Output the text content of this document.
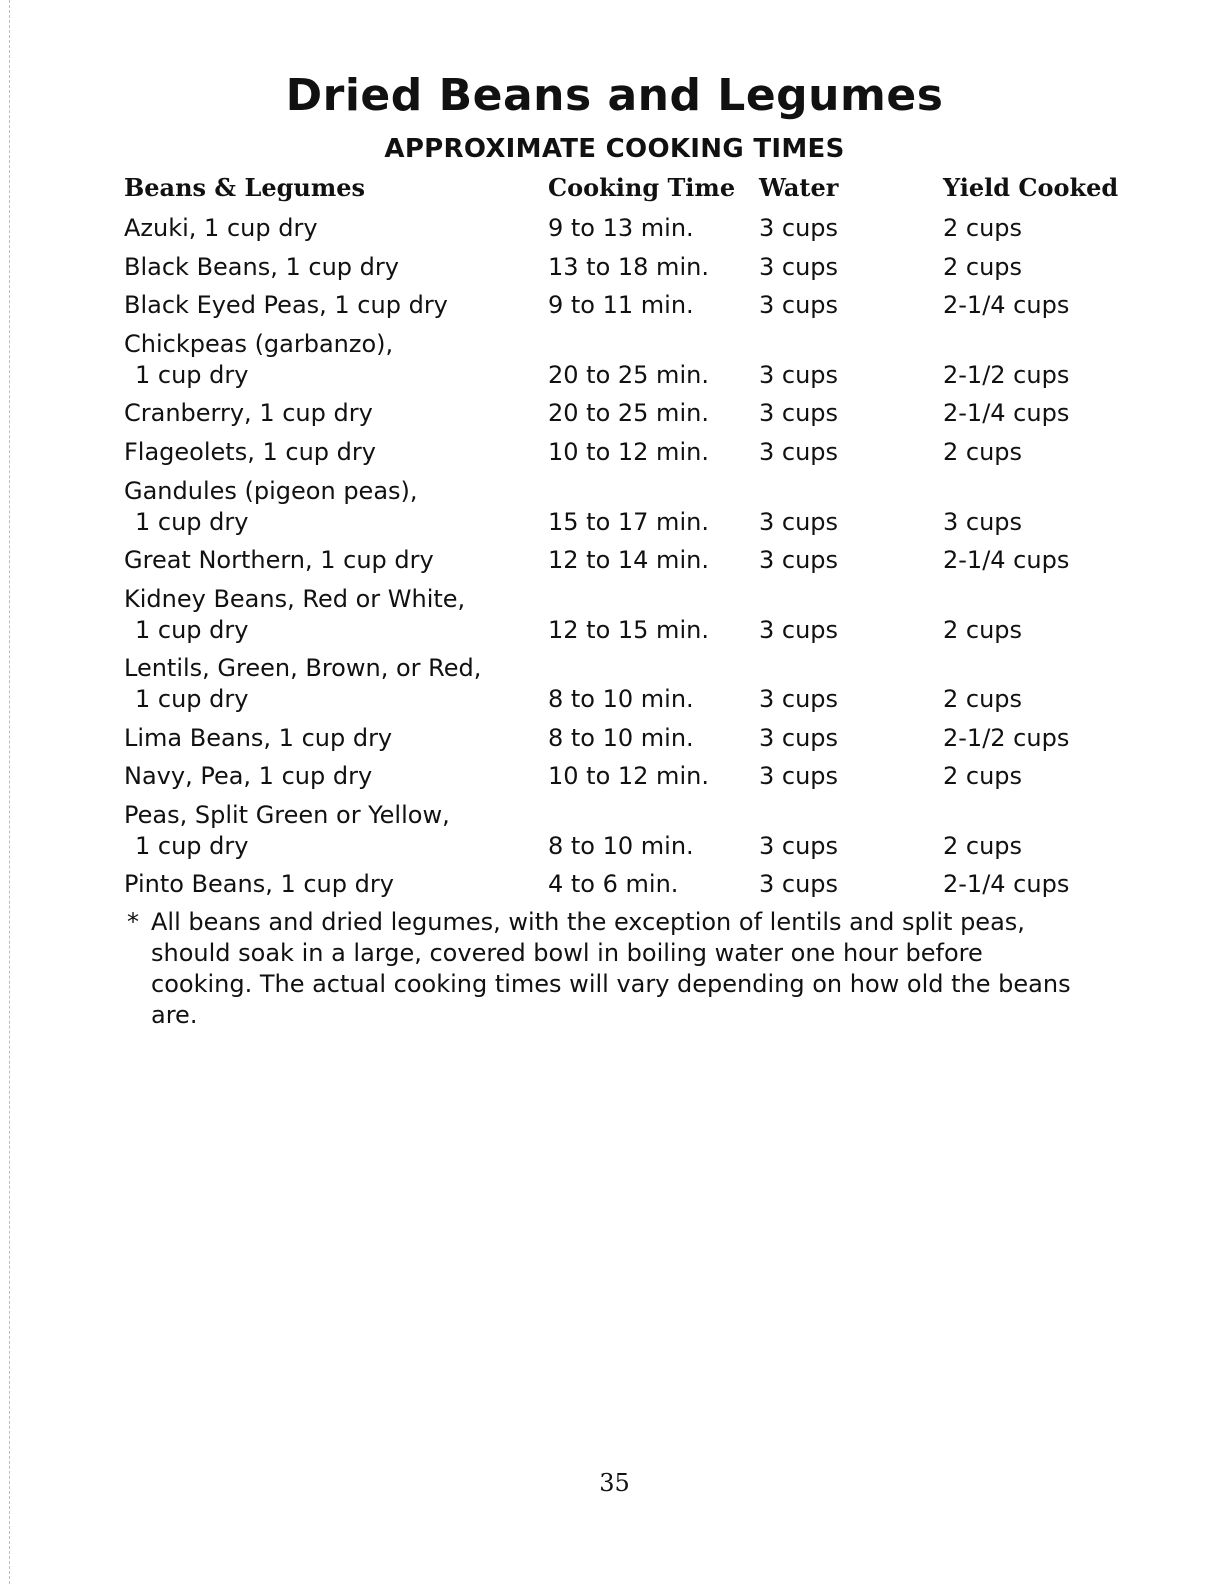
Dried Beans and Legumes
APPROXIMATE COOKING TIMES
Beans & Legumes	Cooking Time Water	Yield Cooked
Azuki, 1 cup dry	9 to 13 min.	3 cups	2 cups
Black Beans, 1 cup dry	13 to 18 min. 3 cups	2 cups
Black Eyed Peas, 1 cup dry	9 to 11 min.	3 cups	2-1/4 cups
Chickpeas (garbanzo),
1 cup dry	20 to 25 min. 3 cups	2-1/2 cups
Cranberry, 1 cup dry	20 to 25 min. 3 cups	2-1/4 cups
Flageolets, 1 cup dry	10 to 12 min. 3 cups	2 cups
Gandules (pigeon peas),
1 cup dry	15 to 17 min. 3 cups	3 cups
Great Northern, 1 cup dry	12 to 14 min. 3 cups	2-1/4 cups
Kidney Beans, Red or White,
1 cup dry	12 to 15 min. 3 cups	2 cups
Lentils, Green, Brown, or Red,
1 cup dry	8 to 10 min.	3 cups	2 cups
Lima Beans, 1 cup dry	8 to 10 min.	3 cups	2-1/2 cups
Navy, Pea, 1 cup dry	10 to 12 min. 3 cups	2 cups
Peas, Split Green or Yellow,
1 cup dry	8 to 10 min.	3 cups	2 cups
Pinto Beans, 1 cup dry	4 to 6 min.	3 cups	2-1/4 cups
* All beans and dried legumes, with the exception of lentils and split peas, should soak in a large, covered bowl in boiling water one hour before cooking. The actual cooking times will vary depending on how old the beans are.
35
